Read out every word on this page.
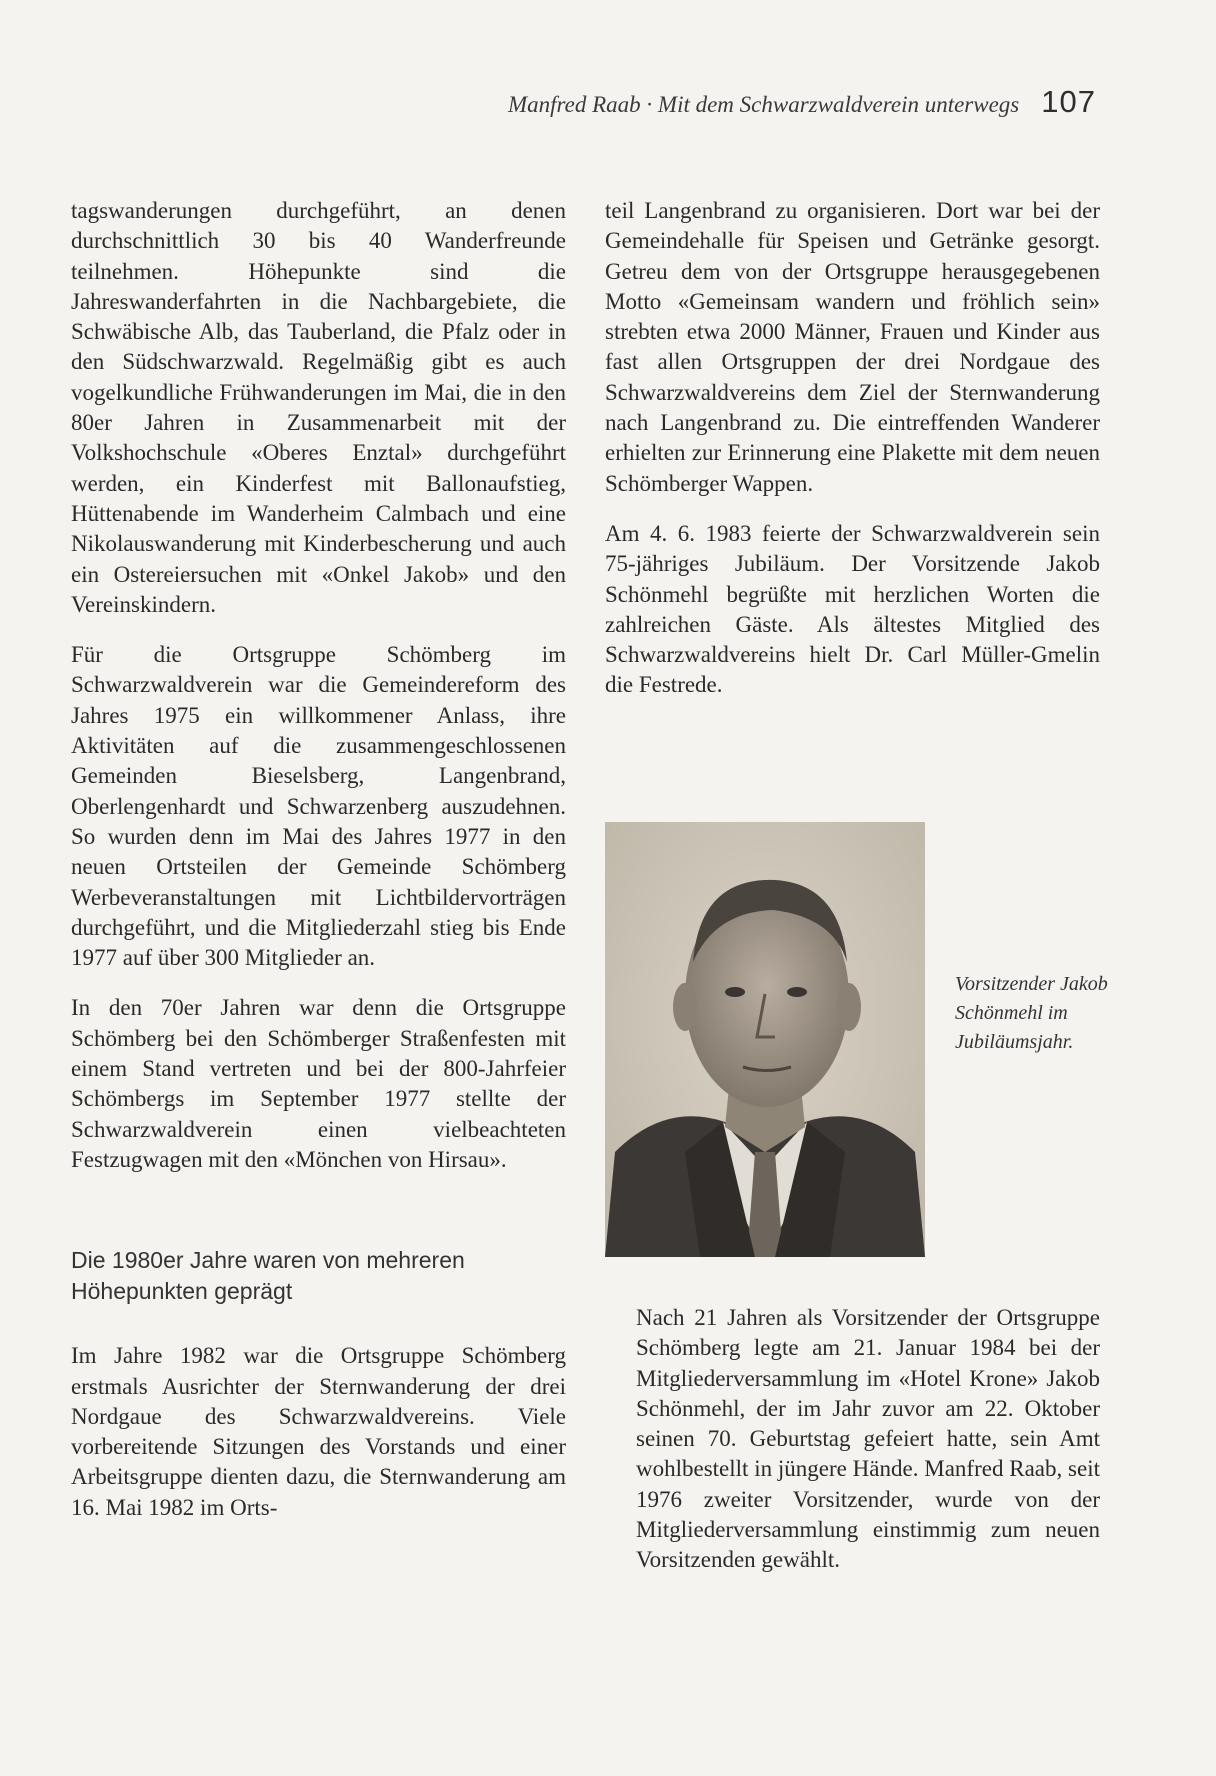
Manfred Raab · Mit dem Schwarzwaldverein unterwegs 107

tagswanderungen durchgeführt, an denen durchschnittlich 30 bis 40 Wanderfreunde teilnehmen. Höhepunkte sind die Jahreswanderfahrten in die Nachbargebiete, die Schwäbische Alb, das Tauberland, die Pfalz oder in den Südschwarzwald. Regelmäßig gibt es auch vogelkundliche Frühwanderungen im Mai, die in den 80er Jahren in Zusammenarbeit mit der Volkshochschule «Oberes Enztal» durchgeführt werden, ein Kinderfest mit Ballonaufstieg, Hüttenabende im Wanderheim Calmbach und eine Nikolauswanderung mit Kinderbescherung und auch ein Ostereiersuchen mit «Onkel Jakob» und den Vereinskindern.

Für die Ortsgruppe Schömberg im Schwarzwaldverein war die Gemeindereform des Jahres 1975 ein willkommener Anlass, ihre Aktivitäten auf die zusammengeschlossenen Gemeinden Bieselsberg, Langenbrand, Oberlengenhardt und Schwarzenberg auszudehnen. So wurden denn im Mai des Jahres 1977 in den neuen Ortsteilen der Gemeinde Schömberg Werbeveranstaltungen mit Lichtbildervorträgen durchgeführt, und die Mitgliederzahl stieg bis Ende 1977 auf über 300 Mitglieder an.

In den 70er Jahren war denn die Ortsgruppe Schömberg bei den Schömberger Straßenfesten mit einem Stand vertreten und bei der 800-Jahrfeier Schömbergs im September 1977 stellte der Schwarzwaldverein einen vielbeachteten Festzugwagen mit den «Mönchen von Hirsau».

Die 1980er Jahre waren von mehreren Höhepunkten geprägt

Im Jahre 1982 war die Ortsgruppe Schömberg erstmals Ausrichter der Sternwanderung der drei Nordgaue des Schwarzwaldvereins. Viele vorbereitende Sitzungen des Vorstands und einer Arbeitsgruppe dienten dazu, die Sternwanderung am 16. Mai 1982 im Orts-

teil Langenbrand zu organisieren. Dort war bei der Gemeindehalle für Speisen und Getränke gesorgt. Getreu dem von der Ortsgruppe herausgegebenen Motto «Gemeinsam wandern und fröhlich sein» strebten etwa 2000 Männer, Frauen und Kinder aus fast allen Ortsgruppen der drei Nordgaue des Schwarzwaldvereins dem Ziel der Sternwanderung nach Langenbrand zu. Die eintreffenden Wanderer erhielten zur Erinnerung eine Plakette mit dem neuen Schömberger Wappen.

Am 4. 6. 1983 feierte der Schwarzwaldverein sein 75-jähriges Jubiläum. Der Vorsitzende Jakob Schönmehl begrüßte mit herzlichen Worten die zahlreichen Gäste. Als ältestes Mitglied des Schwarzwaldvereins hielt Dr. Carl Müller-Gmelin die Festrede.

Vorsitzender Jakob Schönmehl im Jubiläumsjahr.

Nach 21 Jahren als Vorsitzender der Ortsgruppe Schömberg legte am 21. Januar 1984 bei der Mitgliederversammlung im «Hotel Krone» Jakob Schönmehl, der im Jahr zuvor am 22. Oktober seinen 70. Geburtstag gefeiert hatte, sein Amt wohlbestellt in jüngere Hände. Manfred Raab, seit 1976 zweiter Vorsitzender, wurde von der Mitgliederversammlung einstimmig zum neuen Vorsitzenden gewählt.
